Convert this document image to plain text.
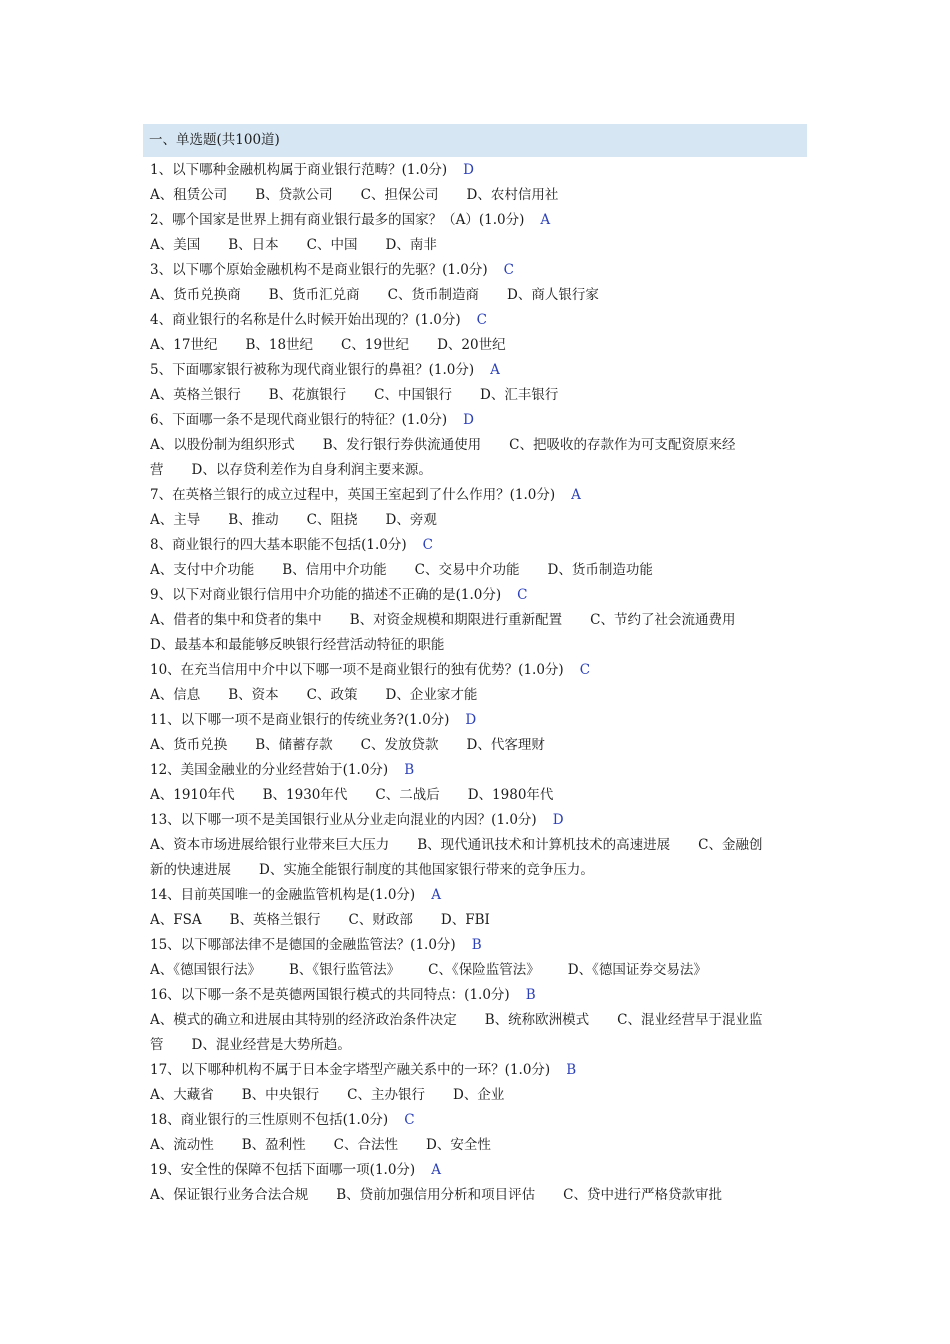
一、单选题(共100道)
1、以下哪种金融机构属于商业银行范畴？(1.0分) D
A、租赁公司 B、贷款公司 C、担保公司 D、农村信用社
2、哪个国家是世界上拥有商业银行最多的国家？（A）(1.0分) A
A、美国 B、日本 C、中国 D、南非
3、以下哪个原始金融机构不是商业银行的先驱？(1.0分) C
A、货币兑换商 B、货币汇兑商 C、货币制造商 D、商人银行家
4、商业银行的名称是什么时候开始出现的？(1.0分) C
A、17世纪 B、18世纪 C、19世纪 D、20世纪
5、下面哪家银行被称为现代商业银行的鼻祖？(1.0分) A
A、英格兰银行 B、花旗银行 C、中国银行 D、汇丰银行
6、下面哪一条不是现代商业银行的特征？(1.0分) D
A、以股份制为组织形式 B、发行银行券供流通使用 C、把吸收的存款作为可支配资原来经
营 D、以存贷利差作为自身利润主要来源。
7、在英格兰银行的成立过程中，英国王室起到了什么作用？(1.0分) A
A、主导 B、推动 C、阻挠 D、旁观
8、商业银行的四大基本职能不包括(1.0分) C
A、支付中介功能 B、信用中介功能 C、交易中介功能 D、货币制造功能
9、以下对商业银行信用中介功能的描述不正确的是(1.0分) C
A、借者的集中和贷者的集中 B、对资金规模和期限进行重新配置 C、节约了社会流通费用
D、最基本和最能够反映银行经营活动特征的职能
10、在充当信用中介中以下哪一项不是商业银行的独有优势？(1.0分) C
A、信息 B、资本 C、政策 D、企业家才能
11、以下哪一项不是商业银行的传统业务?(1.0分) D
A、货币兑换 B、储蓄存款 C、发放贷款 D、代客理财
12、美国金融业的分业经营始于(1.0分) B
A、1910年代 B、1930年代 C、二战后 D、1980年代
13、以下哪一项不是美国银行业从分业走向混业的内因？(1.0分) D
A、资本市场进展给银行业带来巨大压力 B、现代通讯技术和计算机技术的高速进展 C、金融创
新的快速进展 D、实施全能银行制度的其他国家银行带来的竞争压力。
14、目前英国唯一的金融监管机构是(1.0分) A
A、FSA B、英格兰银行 C、财政部 D、FBI
15、以下哪部法律不是德国的金融监管法？(1.0分) B
A、《德国银行法》 B、《银行监管法》 C、《保险监管法》 D、《德国证券交易法》
16、以下哪一条不是英德两国银行模式的共同特点：(1.0分) B
A、模式的确立和进展由其特别的经济政治条件决定 B、统称欧洲模式 C、混业经营早于混业监
管 D、混业经营是大势所趋。
17、以下哪种机构不属于日本金字塔型产融关系中的一环？(1.0分) B
A、大藏省 B、中央银行 C、主办银行 D、企业
18、商业银行的三性原则不包括(1.0分) C
A、流动性 B、盈利性 C、合法性 D、安全性
19、安全性的保障不包括下面哪一项(1.0分) A
A、保证银行业务合法合规 B、贷前加强信用分析和项目评估 C、贷中进行严格贷款审批
